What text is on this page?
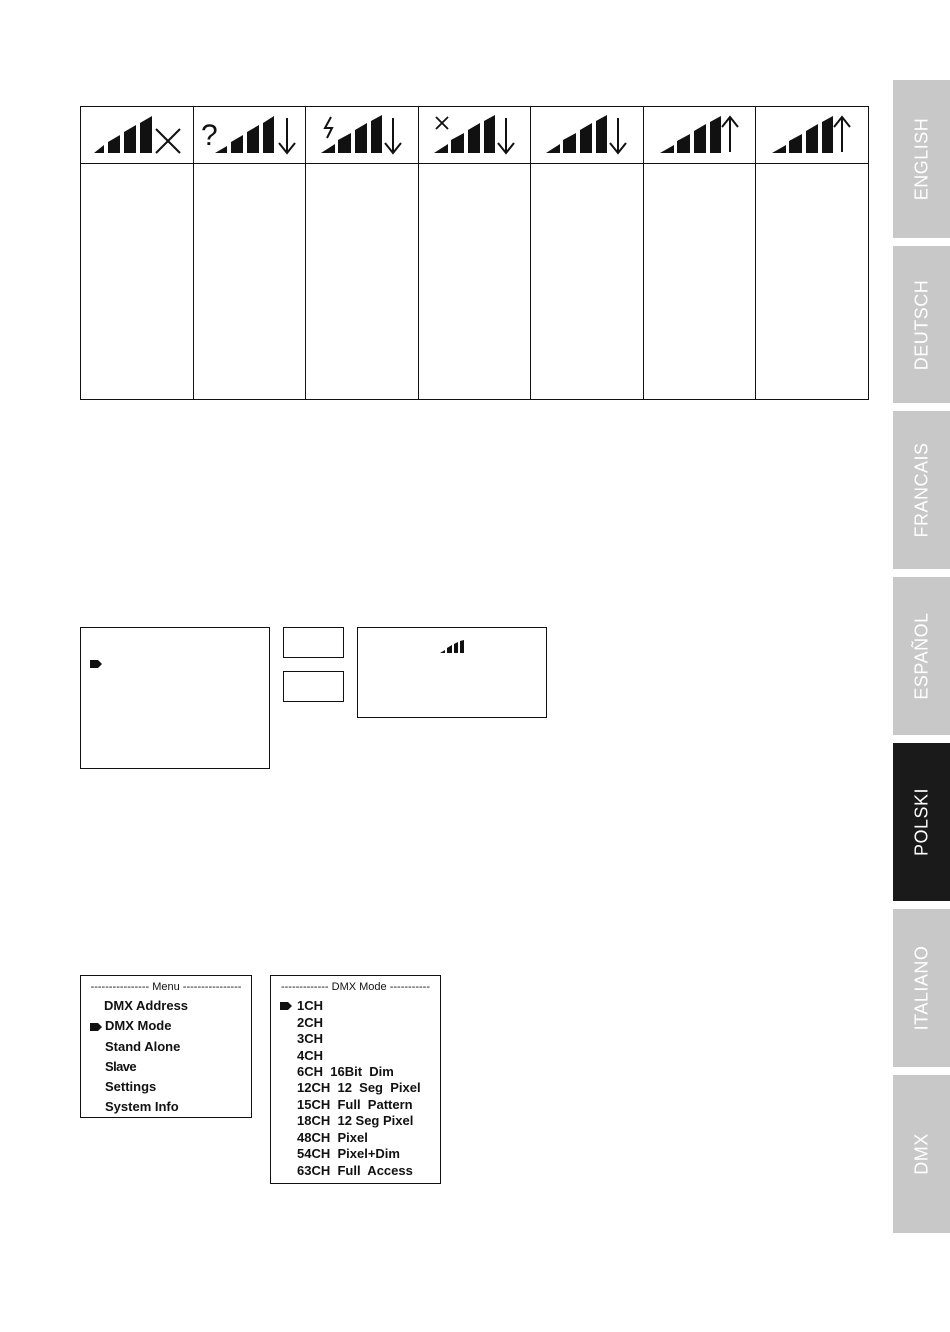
?
---------------- Menu ----------------
DMX Address
DMX Mode
Stand Alone
Slave
Settings
System Info
------------- DMX Mode -----------
1CH
2CH
3CH
4CH
6CH  16Bit  Dim
12CH  12  Seg  Pixel
15CH  Full  Pattern
18CH  12 Seg Pixel
48CH  Pixel
54CH  Pixel+Dim
63CH  Full  Access
ENGLISH
DEUTSCH
FRANCAIS
ESPAÑOL
POLSKI
ITALIANO
DMX
